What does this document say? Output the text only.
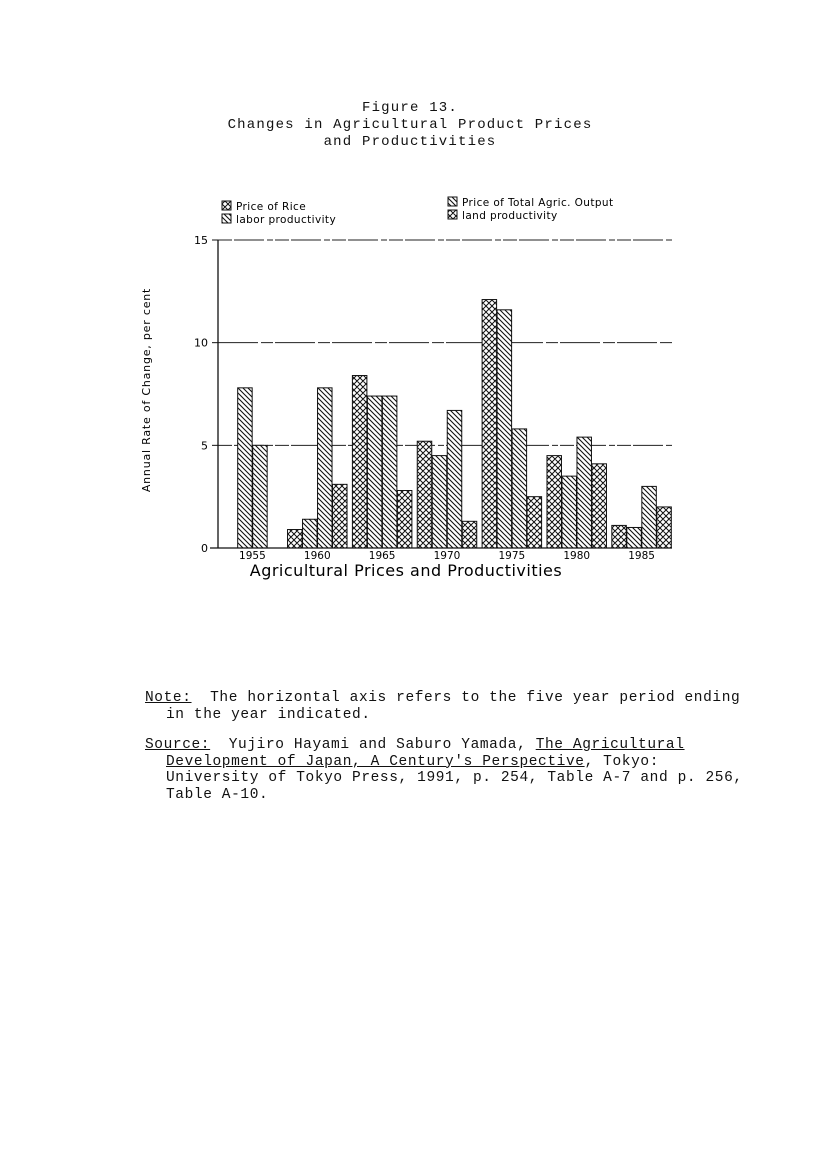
Figure 13.
Changes in Agricultural Product Prices
and Productivities
0
5
10
15
1955	1960	1965	1970	1975	1980	1985
Price of Rice
labor productivity
Price of Total Agric. Output
land productivity
Agricultural Prices and Productivities
Annual Rate of Change, per cent
Note: The horizontal axis refers to the five year period ending in the year indicated.
Source: Yujiro Hayami and Saburo Yamada, The Agricultural Development of Japan, A Century's Perspective, Tokyo: University of Tokyo Press, 1991, p. 254, Table A-7 and p. 256, Table A-10.
